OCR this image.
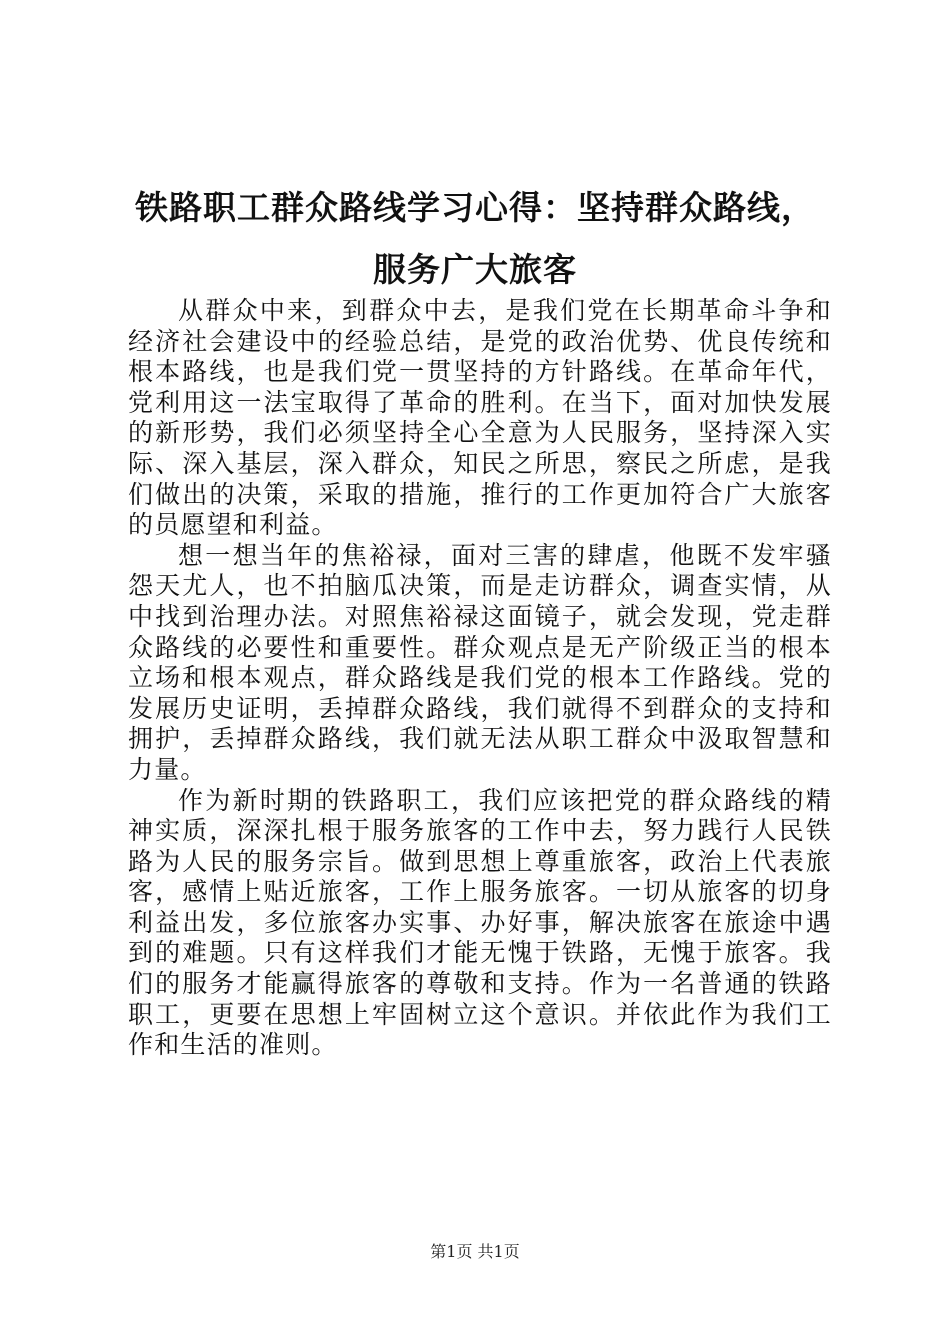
铁路职工群众路线学习心得：坚持群众路线，
服务广大旅客

从群众中来，到群众中去，是我们党在长期革命斗争和经济社会建设中的经验总结，是党的政治优势、优良传统和根本路线，也是我们党一贯坚持的方针路线。在革命年代，党利用这一法宝取得了革命的胜利。在当下，面对加快发展的新形势，我们必须坚持全心全意为人民服务，坚持深入实际、深入基层，深入群众，知民之所思，察民之所虑，是我们做出的决策，采取的措施，推行的工作更加符合广大旅客的员愿望和利益。

想一想当年的焦裕禄，面对三害的肆虐，他既不发牢骚怨天尤人，也不拍脑瓜决策，而是走访群众，调查实情，从中找到治理办法。对照焦裕禄这面镜子，就会发现，党走群众路线的必要性和重要性。群众观点是无产阶级正当的根本立场和根本观点，群众路线是我们党的根本工作路线。党的发展历史证明，丢掉群众路线，我们就得不到群众的支持和拥护，丢掉群众路线，我们就无法从职工群众中汲取智慧和力量。

作为新时期的铁路职工，我们应该把党的群众路线的精神实质，深深扎根于服务旅客的工作中去，努力践行人民铁路为人民的服务宗旨。做到思想上尊重旅客，政治上代表旅客，感情上贴近旅客，工作上服务旅客。一切从旅客的切身利益出发，多位旅客办实事、办好事，解决旅客在旅途中遇到的难题。只有这样我们才能无愧于铁路，无愧于旅客。我们的服务才能赢得旅客的尊敬和支持。作为一名普通的铁路职工，更要在思想上牢固树立这个意识。并依此作为我们工作和生活的准则。

第1页 共1页
